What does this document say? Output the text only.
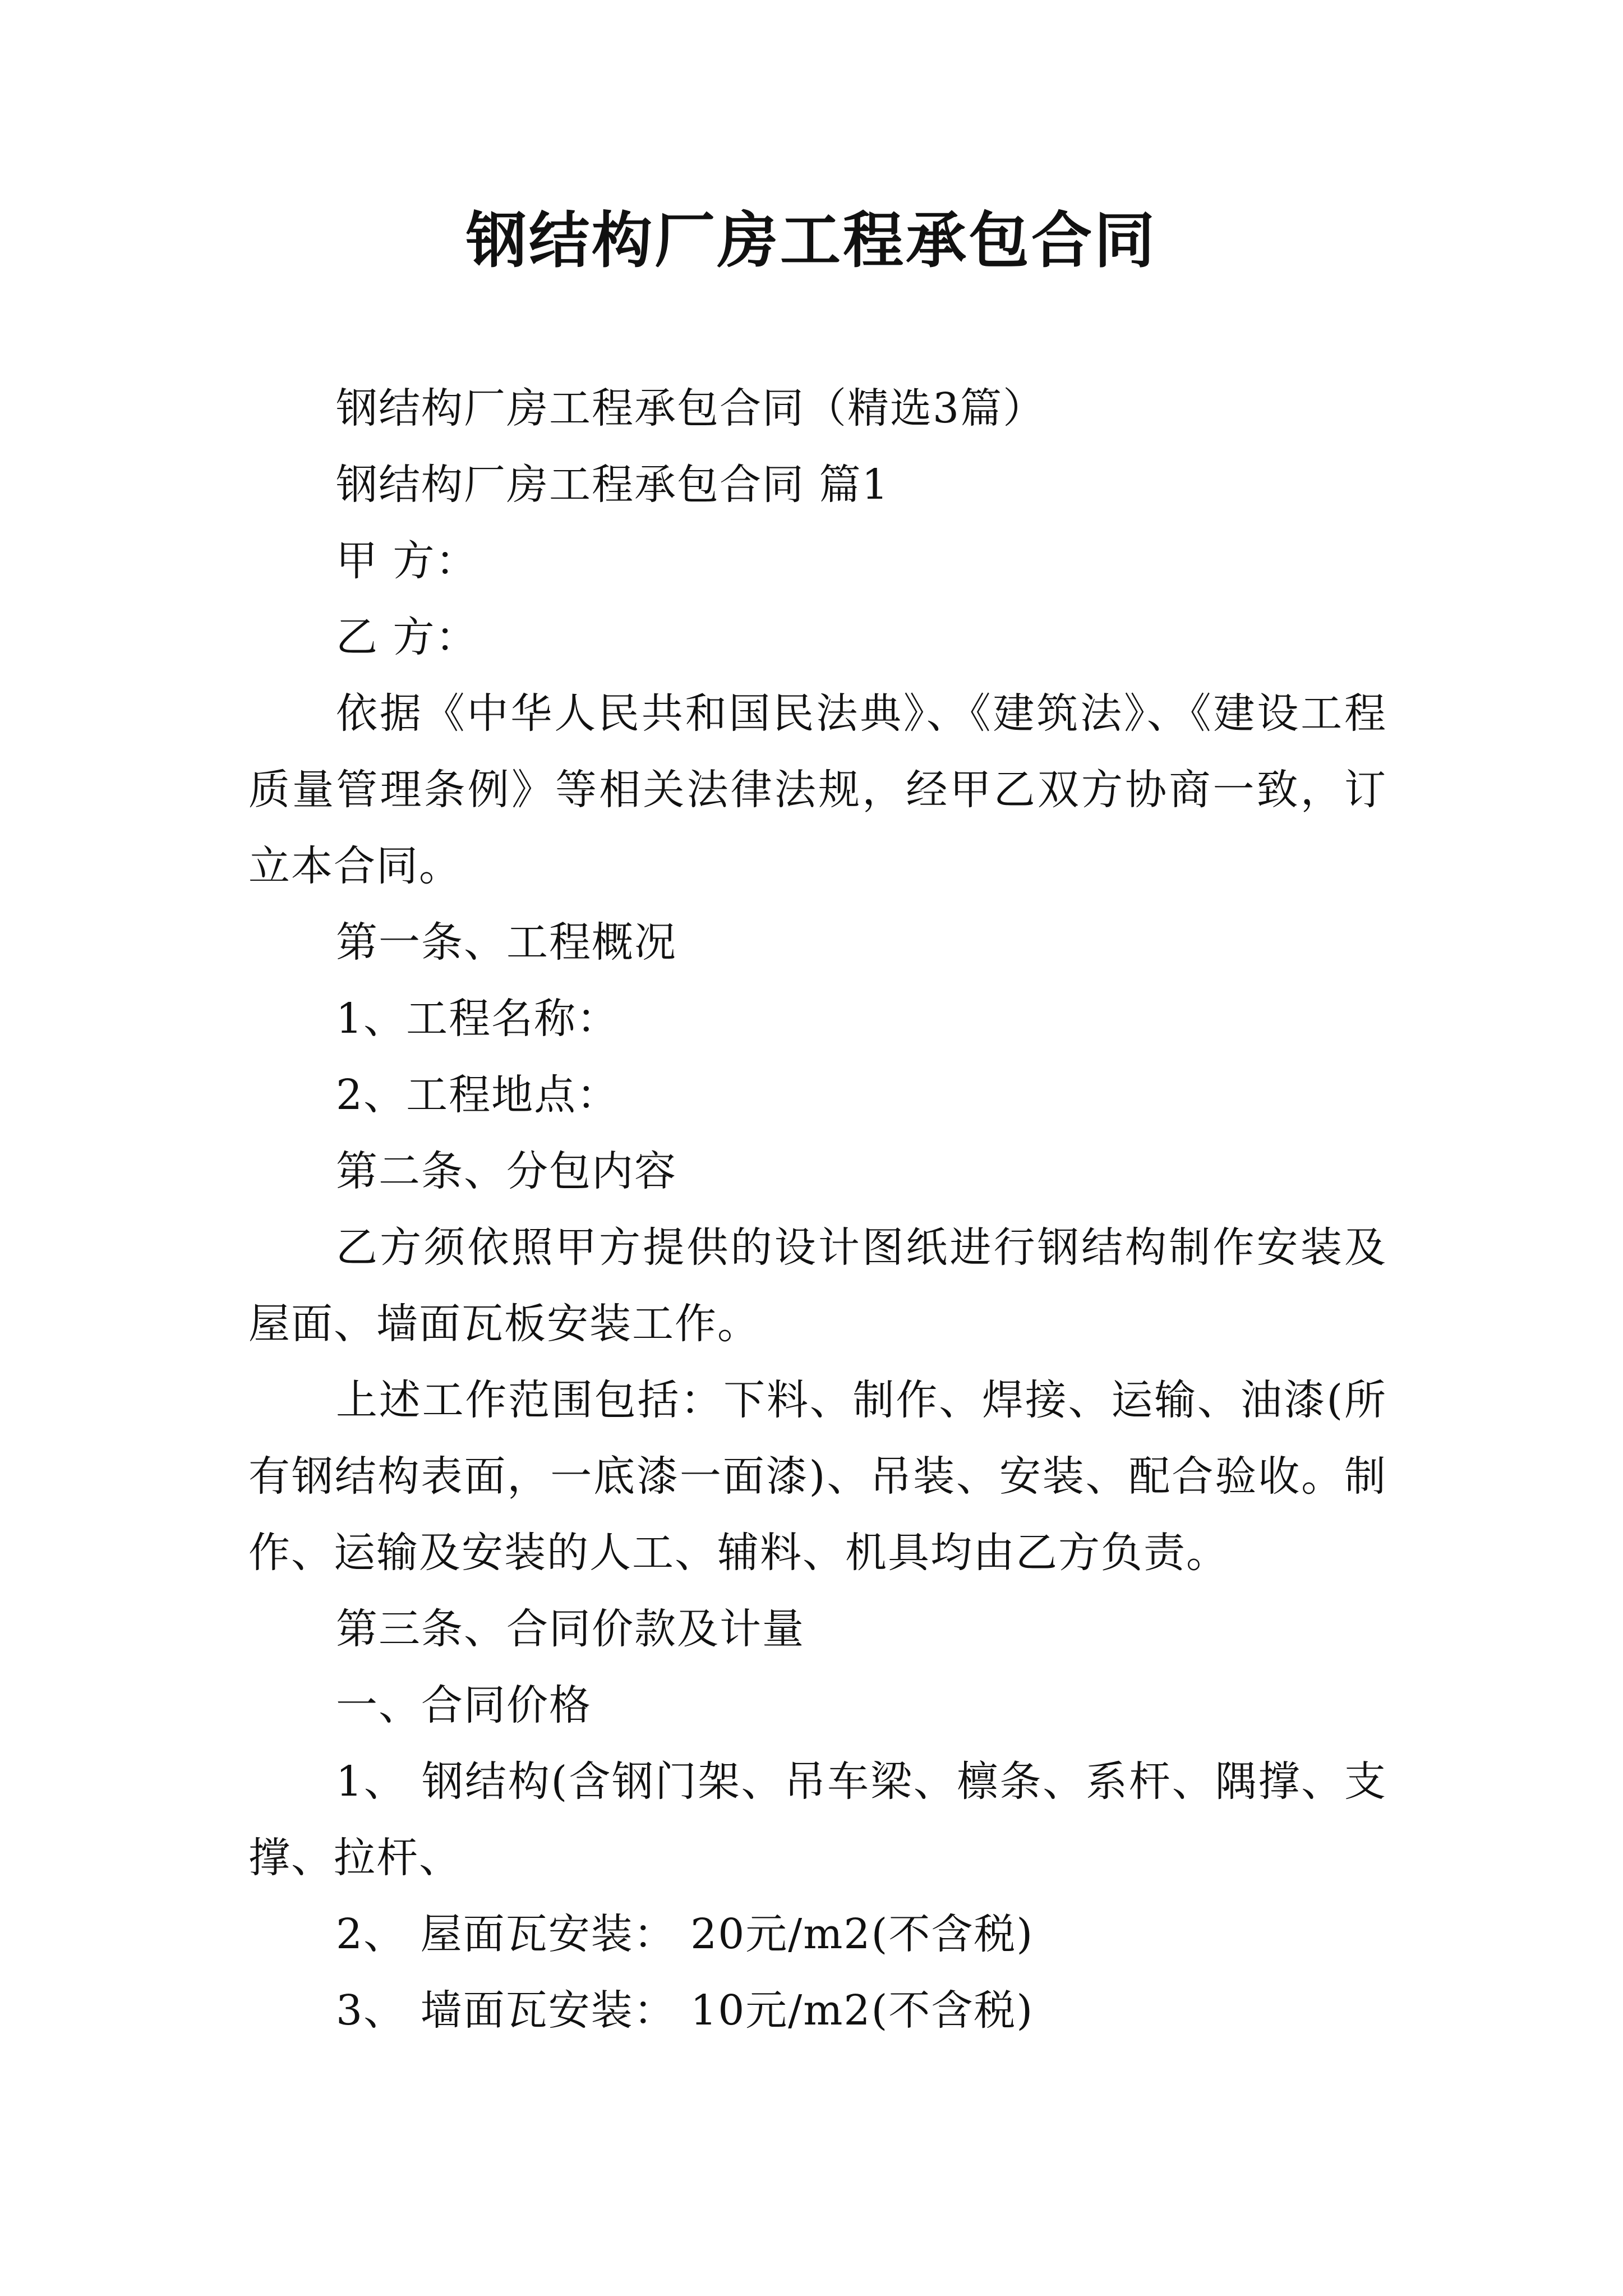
钢结构厂房工程承包合同

钢结构厂房工程承包合同（精选3篇）

钢结构厂房工程承包合同 篇1

甲 方：

乙 方：

依据《中华人民共和国民法典》、《建筑法》、《建设工程质量管理条例》等相关法律法规，经甲乙双方协商一致，订立本合同。

第一条、工程概况

1、工程名称：

2、工程地点：

第二条、分包内容

乙方须依照甲方提供的设计图纸进行钢结构制作安装及屋面、墙面瓦板安装工作。

上述工作范围包括：下料、制作、焊接、运输、油漆(所有钢结构表面，一底漆一面漆)、吊装、安装、配合验收。制作、运输及安装的人工、辅料、机具均由乙方负责。

第三条、合同价款及计量

一、合同价格

1、 钢结构(含钢门架、吊车梁、檩条、系杆、隅撑、支撑、拉杆、

2、 屋面瓦安装： 20元/m2(不含税)

3、 墙面瓦安装： 10元/m2(不含税)
